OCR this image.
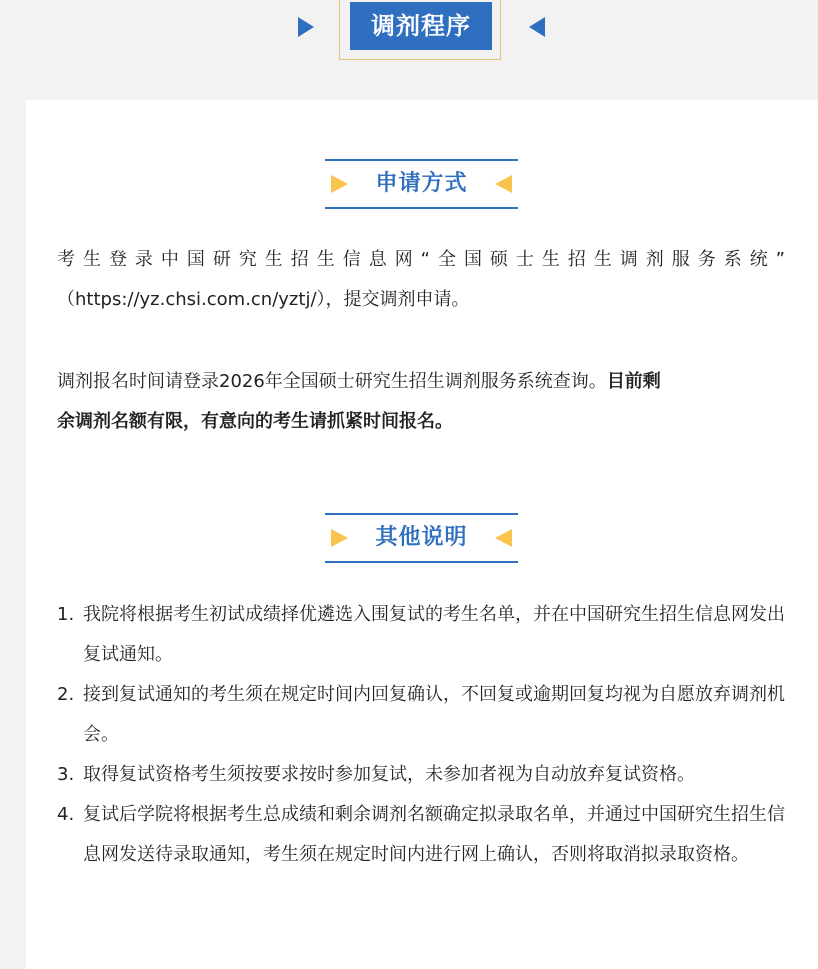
调剂程序
申请方式

考生登录中国研究生招生信息网“全国硕士生招生调剂服务系统”

（https://yz.chsi.com.cn/yztj/），提交调剂申请。

调剂报名时间请登录2026年全国硕士研究生招生调剂服务系统查询。目前剩

余调剂名额有限，有意向的考生请抓紧时间报名。

其他说明
1. 我院将根据考生初试成绩择优遴选入围复试的考生名单，并在中国研究生招生信息网发出复试通知。
2. 接到复试通知的考生须在规定时间内回复确认，不回复或逾期回复均视为自愿放弃调剂机会。
3. 取得复试资格考生须按要求按时参加复试，未参加者视为自动放弃复试资格。
4. 复试后学院将根据考生总成绩和剩余调剂名额确定拟录取名单，并通过中国研究生招生信息网发送待录取通知，考生须在规定时间内进行网上确认，否则将取消拟录取资格。
